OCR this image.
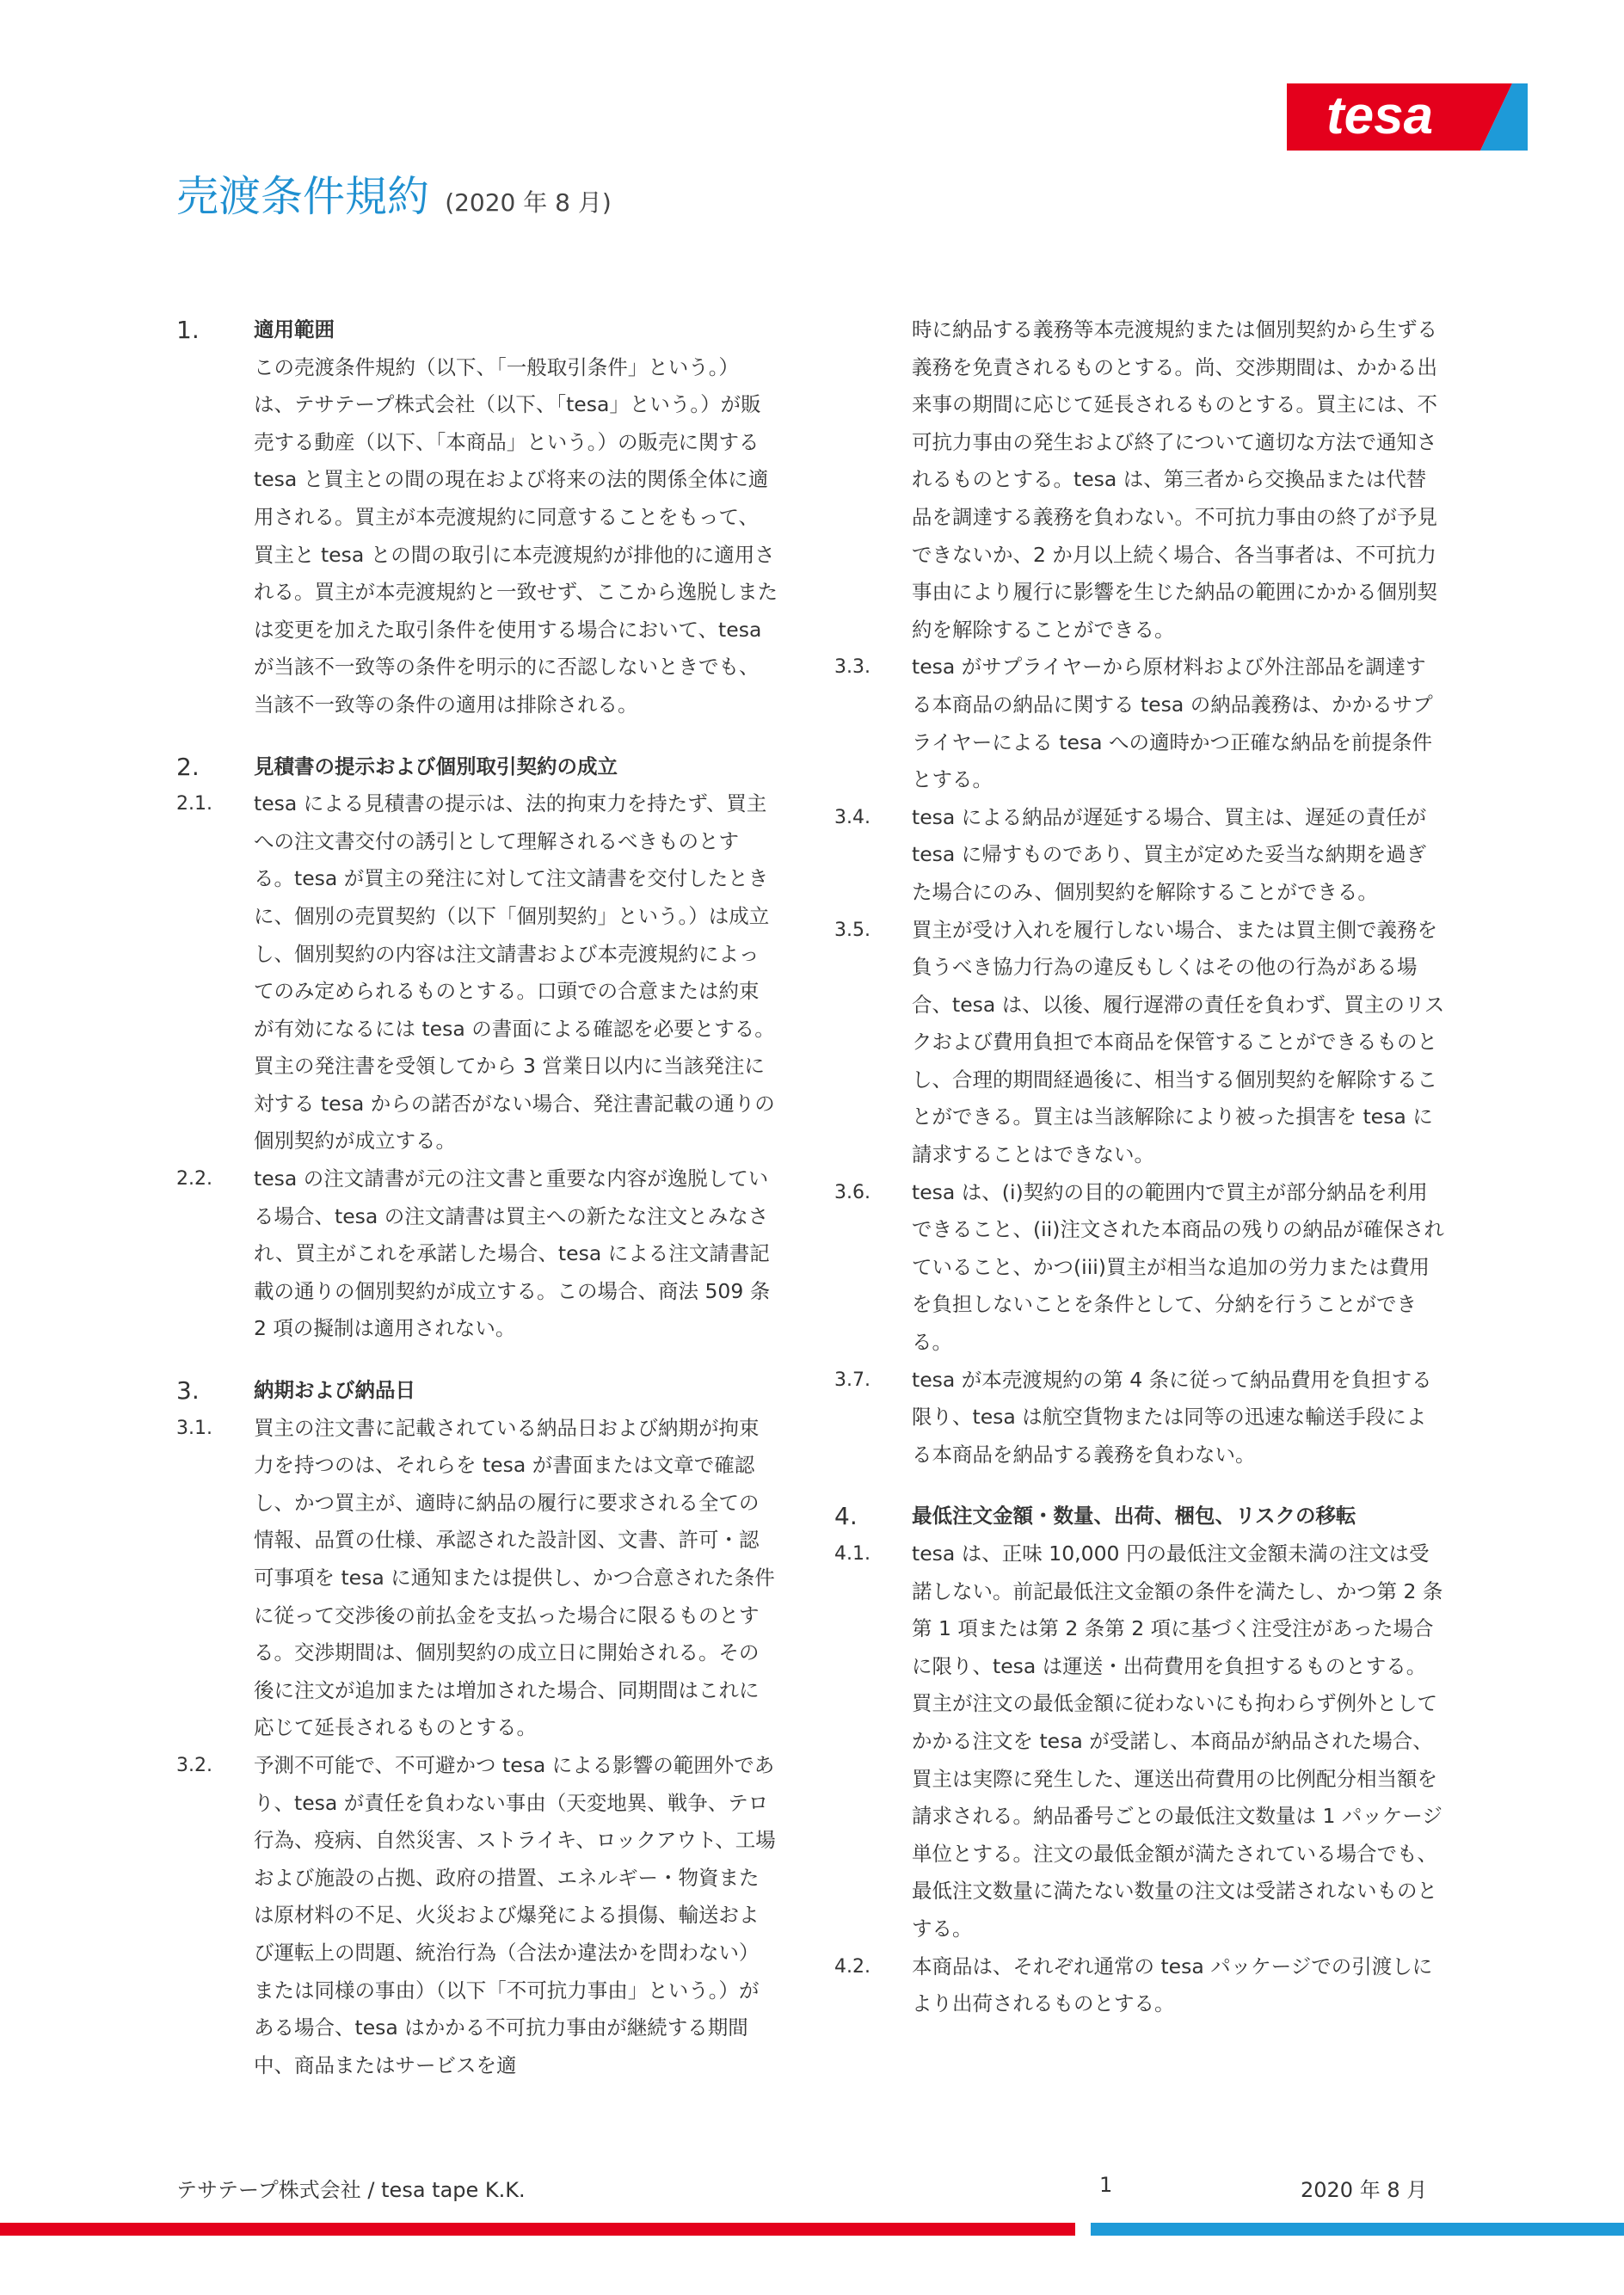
tesa
売渡条件規約 (2020 年 8 月)

1.	適用範囲

この売渡条件規約（以下、「一般取引条件」という。）は、テサテープ株式会社（以下、「tesa」という。）が販売する動産（以下、「本商品」という。）の販売に関する tesa と買主との間の現在および将来の法的関係全体に適用される。買主が本売渡規約に同意することをもって、買主と tesa との間の取引に本売渡規約が排他的に適用される。買主が本売渡規約と一致せず、ここから逸脱しまたは変更を加えた取引条件を使用する場合において、tesa が当該不一致等の条件を明示的に否認しないときでも、当該不一致等の条件の適用は排除される。

2.	見積書の提示および個別取引契約の成立

2.1. tesa による見積書の提示は、法的拘束力を持たず、買主への注文書交付の誘引として理解されるべきものとする。tesa が買主の発注に対して注文請書を交付したときに、個別の売買契約（以下「個別契約」という。）は成立し、個別契約の内容は注文請書および本売渡規約によってのみ定められるものとする。口頭での合意または約束が有効になるには tesa の書面による確認を必要とする。買主の発注書を受領してから 3 営業日以内に当該発注に対する tesa からの諾否がない場合、発注書記載の通りの個別契約が成立する。

2.2. tesa の注文請書が元の注文書と重要な内容が逸脱している場合、tesa の注文請書は買主への新たな注文とみなされ、買主がこれを承諾した場合、tesa による注文請書記載の通りの個別契約が成立する。この場合、商法 509 条 2 項の擬制は適用されない。

3.	納期および納品日

3.1. 買主の注文書に記載されている納品日および納期が拘束力を持つのは、それらを tesa が書面または文章で確認し、かつ買主が、適時に納品の履行に要求される全ての情報、品質の仕様、承認された設計図、文書、許可・認可事項を tesa に通知または提供し、かつ合意された条件に従って交渉後の前払金を支払った場合に限るものとする。交渉期間は、個別契約の成立日に開始される。その後に注文が追加または増加された場合、同期間はこれに応じて延長されるものとする。

3.2. 予測不可能で、不可避かつ tesa による影響の範囲外であり、tesa が責任を負わない事由（天変地異、戦争、テロ行為、疫病、自然災害、ストライキ、ロックアウト、工場および施設の占拠、政府の措置、エネルギー・物資または原材料の不足、火災および爆発による損傷、輸送および運転上の問題、統治行為（合法か違法かを問わない）または同様の事由）（以下「不可抗力事由」という。）がある場合、tesa はかかる不可抗力事由が継続する期間中、商品またはサービスを適

時に納品する義務等本売渡規約または個別契約から生ずる義務を免責されるものとする。尚、交渉期間は、かかる出来事の期間に応じて延長されるものとする。買主には、不可抗力事由の発生および終了について適切な方法で通知されるものとする。tesa は、第三者から交換品または代替品を調達する義務を負わない。不可抗力事由の終了が予見できないか、2 か月以上続く場合、各当事者は、不可抗力事由により履行に影響を生じた納品の範囲にかかる個別契約を解除することができる。

3.3. tesa がサプライヤーから原材料および外注部品を調達する本商品の納品に関する tesa の納品義務は、かかるサプライヤーによる tesa への適時かつ正確な納品を前提条件とする。

3.4. tesa による納品が遅延する場合、買主は、遅延の責任が tesa に帰すものであり、買主が定めた妥当な納期を過ぎた場合にのみ、個別契約を解除することができる。

3.5. 買主が受け入れを履行しない場合、または買主側で義務を負うべき協力行為の違反もしくはその他の行為がある場合、tesa は、以後、履行遅滞の責任を負わず、買主のリスクおよび費用負担で本商品を保管することができるものとし、合理的期間経過後に、相当する個別契約を解除することができる。買主は当該解除により被った損害を tesa に請求することはできない。

3.6. tesa は、(i)契約の目的の範囲内で買主が部分納品を利用できること、(ii)注文された本商品の残りの納品が確保されていること、かつ(iii)買主が相当な追加の労力または費用を負担しないことを条件として、分納を行うことができる。

3.7. tesa が本売渡規約の第 4 条に従って納品費用を負担する限り、tesa は航空貨物または同等の迅速な輸送手段による本商品を納品する義務を負わない。

4.	最低注文金額・数量、出荷、梱包、リスクの移転

4.1. tesa は、正味 10,000 円の最低注文金額未満の注文は受諾しない。前記最低注文金額の条件を満たし、かつ第 2 条第 1 項または第 2 条第 2 項に基づく注受注があった場合に限り、tesa は運送・出荷費用を負担するものとする。買主が注文の最低金額に従わないにも拘わらず例外としてかかる注文を tesa が受諾し、本商品が納品された場合、買主は実際に発生した、運送出荷費用の比例配分相当額を請求される。納品番号ごとの最低注文数量は 1 パッケージ単位とする。注文の最低金額が満たされている場合でも、最低注文数量に満たない数量の注文は受諾されないものとする。

4.2. 本商品は、それぞれ通常の tesa パッケージでの引渡しにより出荷されるものとする。

テサテープ株式会社 / tesa tape K.K.	1	2020 年 8 月
